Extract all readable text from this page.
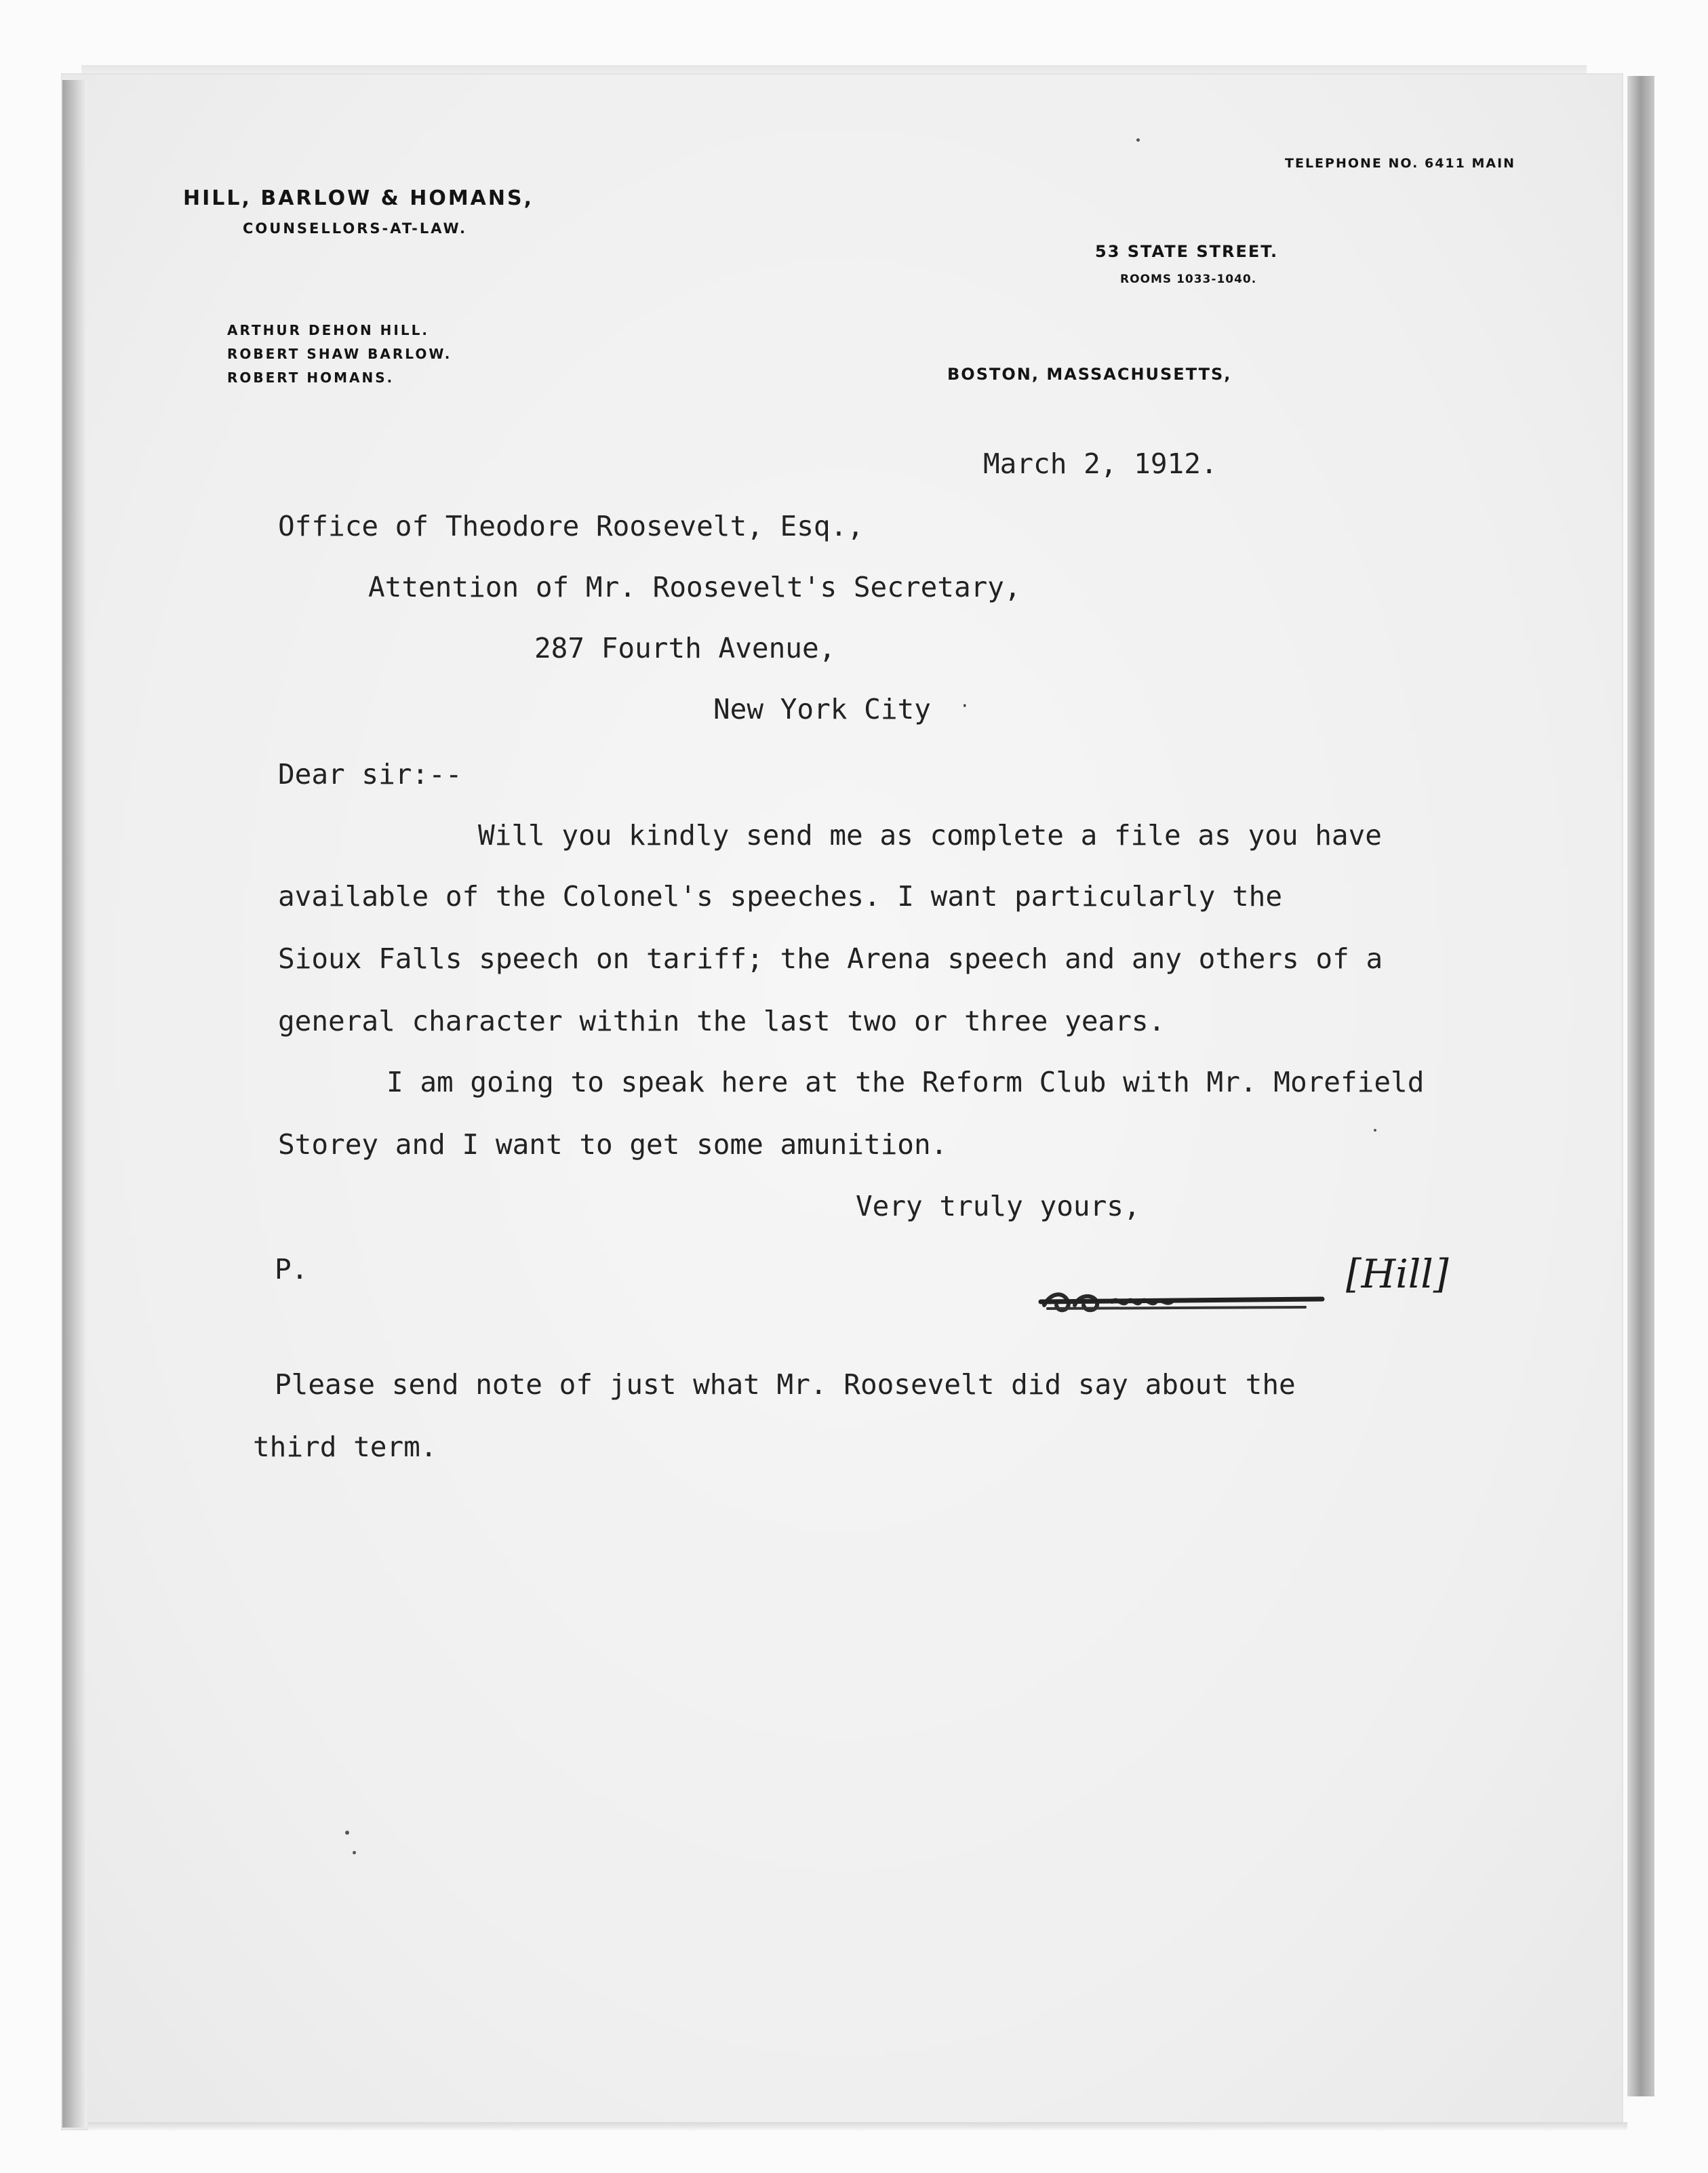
HILL, BARLOW & HOMANS,
COUNSELLORS-AT-LAW.
ARTHUR DEHON HILL.
ROBERT SHAW BARLOW.
ROBERT HOMANS.
TELEPHONE NO. 6411 MAIN
53 STATE STREET.
ROOMS 1033-1040.
BOSTON, MASSACHUSETTS,
March 2, 1912.
Office of Theodore Roosevelt, Esq.,
Attention of Mr. Roosevelt's Secretary,
287 Fourth Avenue,
New York City ·
Dear sir:--
Will you kindly send me as complete a file as you have
available of the Colonel's speeches. I want particularly the
Sioux Falls speech on tariff; the Arena speech and any others of a
general character within the last two or three years.
I am going to speak here at the Reform Club with Mr. Morefield
Storey and I want to get some amunition.
Very truly yours,
P.	[Hill]
Please send note of just what Mr. Roosevelt did say about the
third term.
